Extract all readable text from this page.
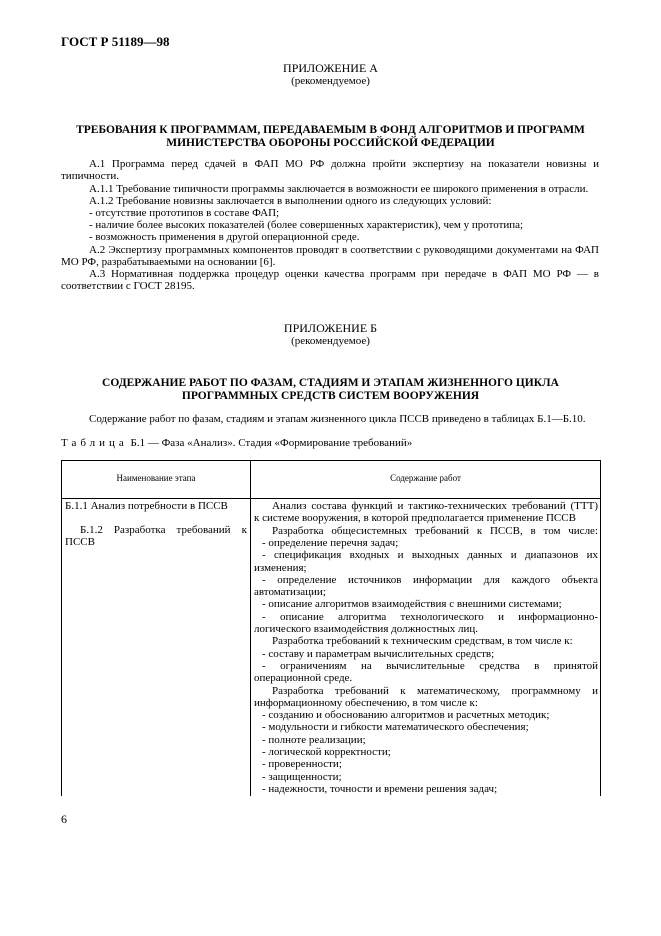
ГОСТ Р 51189—98
ПРИЛОЖЕНИЕ А
(рекомендуемое)
ТРЕБОВАНИЯ К ПРОГРАММАМ, ПЕРЕДАВАЕМЫМ В ФОНД АЛГОРИТМОВ И ПРОГРАММ
МИНИСТЕРСТВА ОБОРОНЫ РОССИЙСКОЙ ФЕДЕРАЦИИ
А.1 Программа перед сдачей в ФАП МО РФ должна пройти экспертизу на показатели новизны и типичности.
А.1.1 Требование типичности программы заключается в возможности ее широкого применения в отрасли.
А.1.2 Требование новизны заключается в выполнении одного из следующих условий:
- отсутствие прототипов в составе ФАП;
- наличие более высоких показателей (более совершенных характеристик), чем у прототипа;
- возможность применения в другой операционной среде.
А.2 Экспертизу программных компонентов проводят в соответствии с руководящими документами на ФАП МО РФ, разрабатываемыми на основании [6].
А.3 Нормативная поддержка процедур оценки качества программ при передаче в ФАП МО РФ — в соответствии с ГОСТ 28195.
ПРИЛОЖЕНИЕ Б
(рекомендуемое)
СОДЕРЖАНИЕ РАБОТ ПО ФАЗАМ, СТАДИЯМ И ЭТАПАМ ЖИЗНЕННОГО ЦИКЛА
ПРОГРАММНЫХ СРЕДСТВ СИСТЕМ ВООРУЖЕНИЯ
Содержание работ по фазам, стадиям и этапам жизненного цикла ПССВ приведено в таблицах Б.1—Б.10.
Таблица Б.1 — Фаза «Анализ». Стадия «Формирование требований»
Наименование этапа	Содержание работ
Б.1.1 Анализ потребности в ПССВ
Б.1.2 Разработка требований к
ПССВ
Анализ состава функций и тактико-технических требований (ТТТ)
к системе вооружения, в которой предполагается применение ПССВ
Разработка общесистемных требований к ПССВ, в том числе:
- определение перечня задач;
- спецификация входных и выходных данных и диапазонов их
изменения;
- определение источников информации для каждого объекта
автоматизации;
- описание алгоритмов взаимодействия с внешними системами;
- описание алгоритма технологического и информационно-
логического взаимодействия должностных лиц.
Разработка требований к техническим средствам, в том числе к:
- составу и параметрам вычислительных средств;
- ограничениям на вычислительные средства в принятой
операционной среде.
Разработка требований к математическому, программному и
информационному обеспечению, в том числе к:
- созданию и обоснованию алгоритмов и расчетных методик;
- модульности и гибкости математического обеспечения;
- полноте реализации;
- логической корректности;
- проверенности;
- защищенности;
- надежности, точности и времени решения задач;
6
